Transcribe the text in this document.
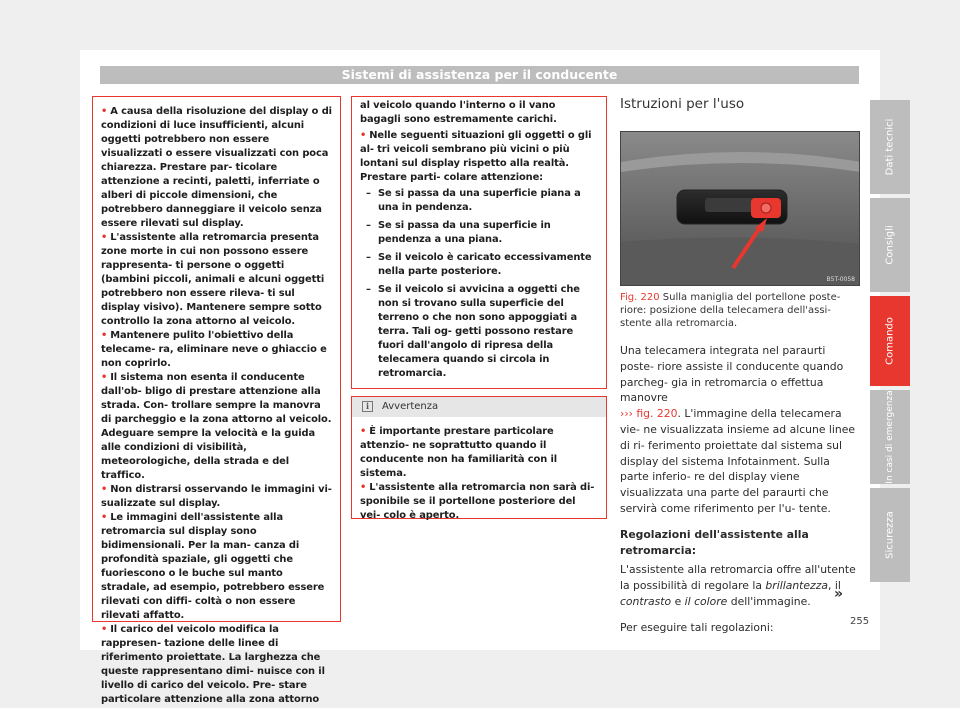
Sistemi di assistenza per il conducente
• A causa della risoluzione del display o di condizioni di luce insufficienti, alcuni oggetti potrebbero non essere visualizzati o essere visualizzati con poca chiarezza. Prestare par- ticolare attenzione a recinti, paletti, inferriate o alberi di piccole dimensioni, che potrebbero danneggiare il veicolo senza essere rilevati sul display.
• L'assistente alla retromarcia presenta zone morte in cui non possono essere rappresenta- ti persone o oggetti (bambini piccoli, animali e alcuni oggetti potrebbero non essere rileva- ti sul display visivo). Mantenere sempre sotto controllo la zona attorno al veicolo.
• Mantenere pulito l'obiettivo della telecame- ra, eliminare neve o ghiaccio e non coprirlo.
• Il sistema non esenta il conducente dall'ob- bligo di prestare attenzione alla strada. Con- trollare sempre la manovra di parcheggio e la zona attorno al veicolo. Adeguare sempre la velocità e la guida alle condizioni di visibilità, meteorologiche, della strada e del traffico.
• Non distrarsi osservando le immagini vi- sualizzate sul display.
• Le immagini dell'assistente alla retromarcia sul display sono bidimensionali. Per la man- canza di profondità spaziale, gli oggetti che fuoriescono o le buche sul manto stradale, ad esempio, potrebbero essere rilevati con diffi- coltà o non essere rilevati affatto.
• Il carico del veicolo modifica la rappresen- tazione delle linee di riferimento proiettate. La larghezza che queste rappresentano dimi- nuisce con il livello di carico del veicolo. Pre- stare particolare attenzione alla zona attorno
al veicolo quando l'interno o il vano bagagli sono estremamente carichi.
• Nelle seguenti situazioni gli oggetti o gli al- tri veicoli sembrano più vicini o più lontani sul display rispetto alla realtà. Prestare parti- colare attenzione:
– Se si passa da una superficie piana a una in pendenza.
– Se si passa da una superficie in pendenza a una piana.
– Se il veicolo è caricato eccessivamente nella parte posteriore.
– Se il veicolo si avvicina a oggetti che non si trovano sulla superficie del terreno o che non sono appoggiati a terra. Tali og- getti possono restare fuori dall'angolo di ripresa della telecamera quando si circola in retromarcia.
i	Avvertenza
• È importante prestare particolare attenzio- ne soprattutto quando il conducente non ha familiarità con il sistema.
• L'assistente alla retromarcia non sarà di- sponibile se il portellone posteriore del vei- colo è aperto.
Istruzioni per l'uso
B5T-0058
Fig. 220 Sulla maniglia del portellone poste- riore: posizione della telecamera dell'assi- stente alla retromarcia.

Una telecamera integrata nel paraurti poste- riore assiste il conducente quando parcheg- gia in retromarcia o effettua manovre
››› fig. 220. L'immagine della telecamera vie- ne visualizzata insieme ad alcune linee di ri- ferimento proiettate dal sistema sul display del sistema Infotainment. Sulla parte inferio- re del display viene visualizzata una parte del paraurti che servirà come riferimento per l'u- tente.

Regolazioni dell'assistente alla retromarcia:

L'assistente alla retromarcia offre all'utente la possibilità di regolare la brillantezza, il contrasto e il colore dell'immagine.

Per eseguire tali regolazioni:

»
255
Dati tecnici
Consigli
Comando
In casi di emergenza
Sicurezza
